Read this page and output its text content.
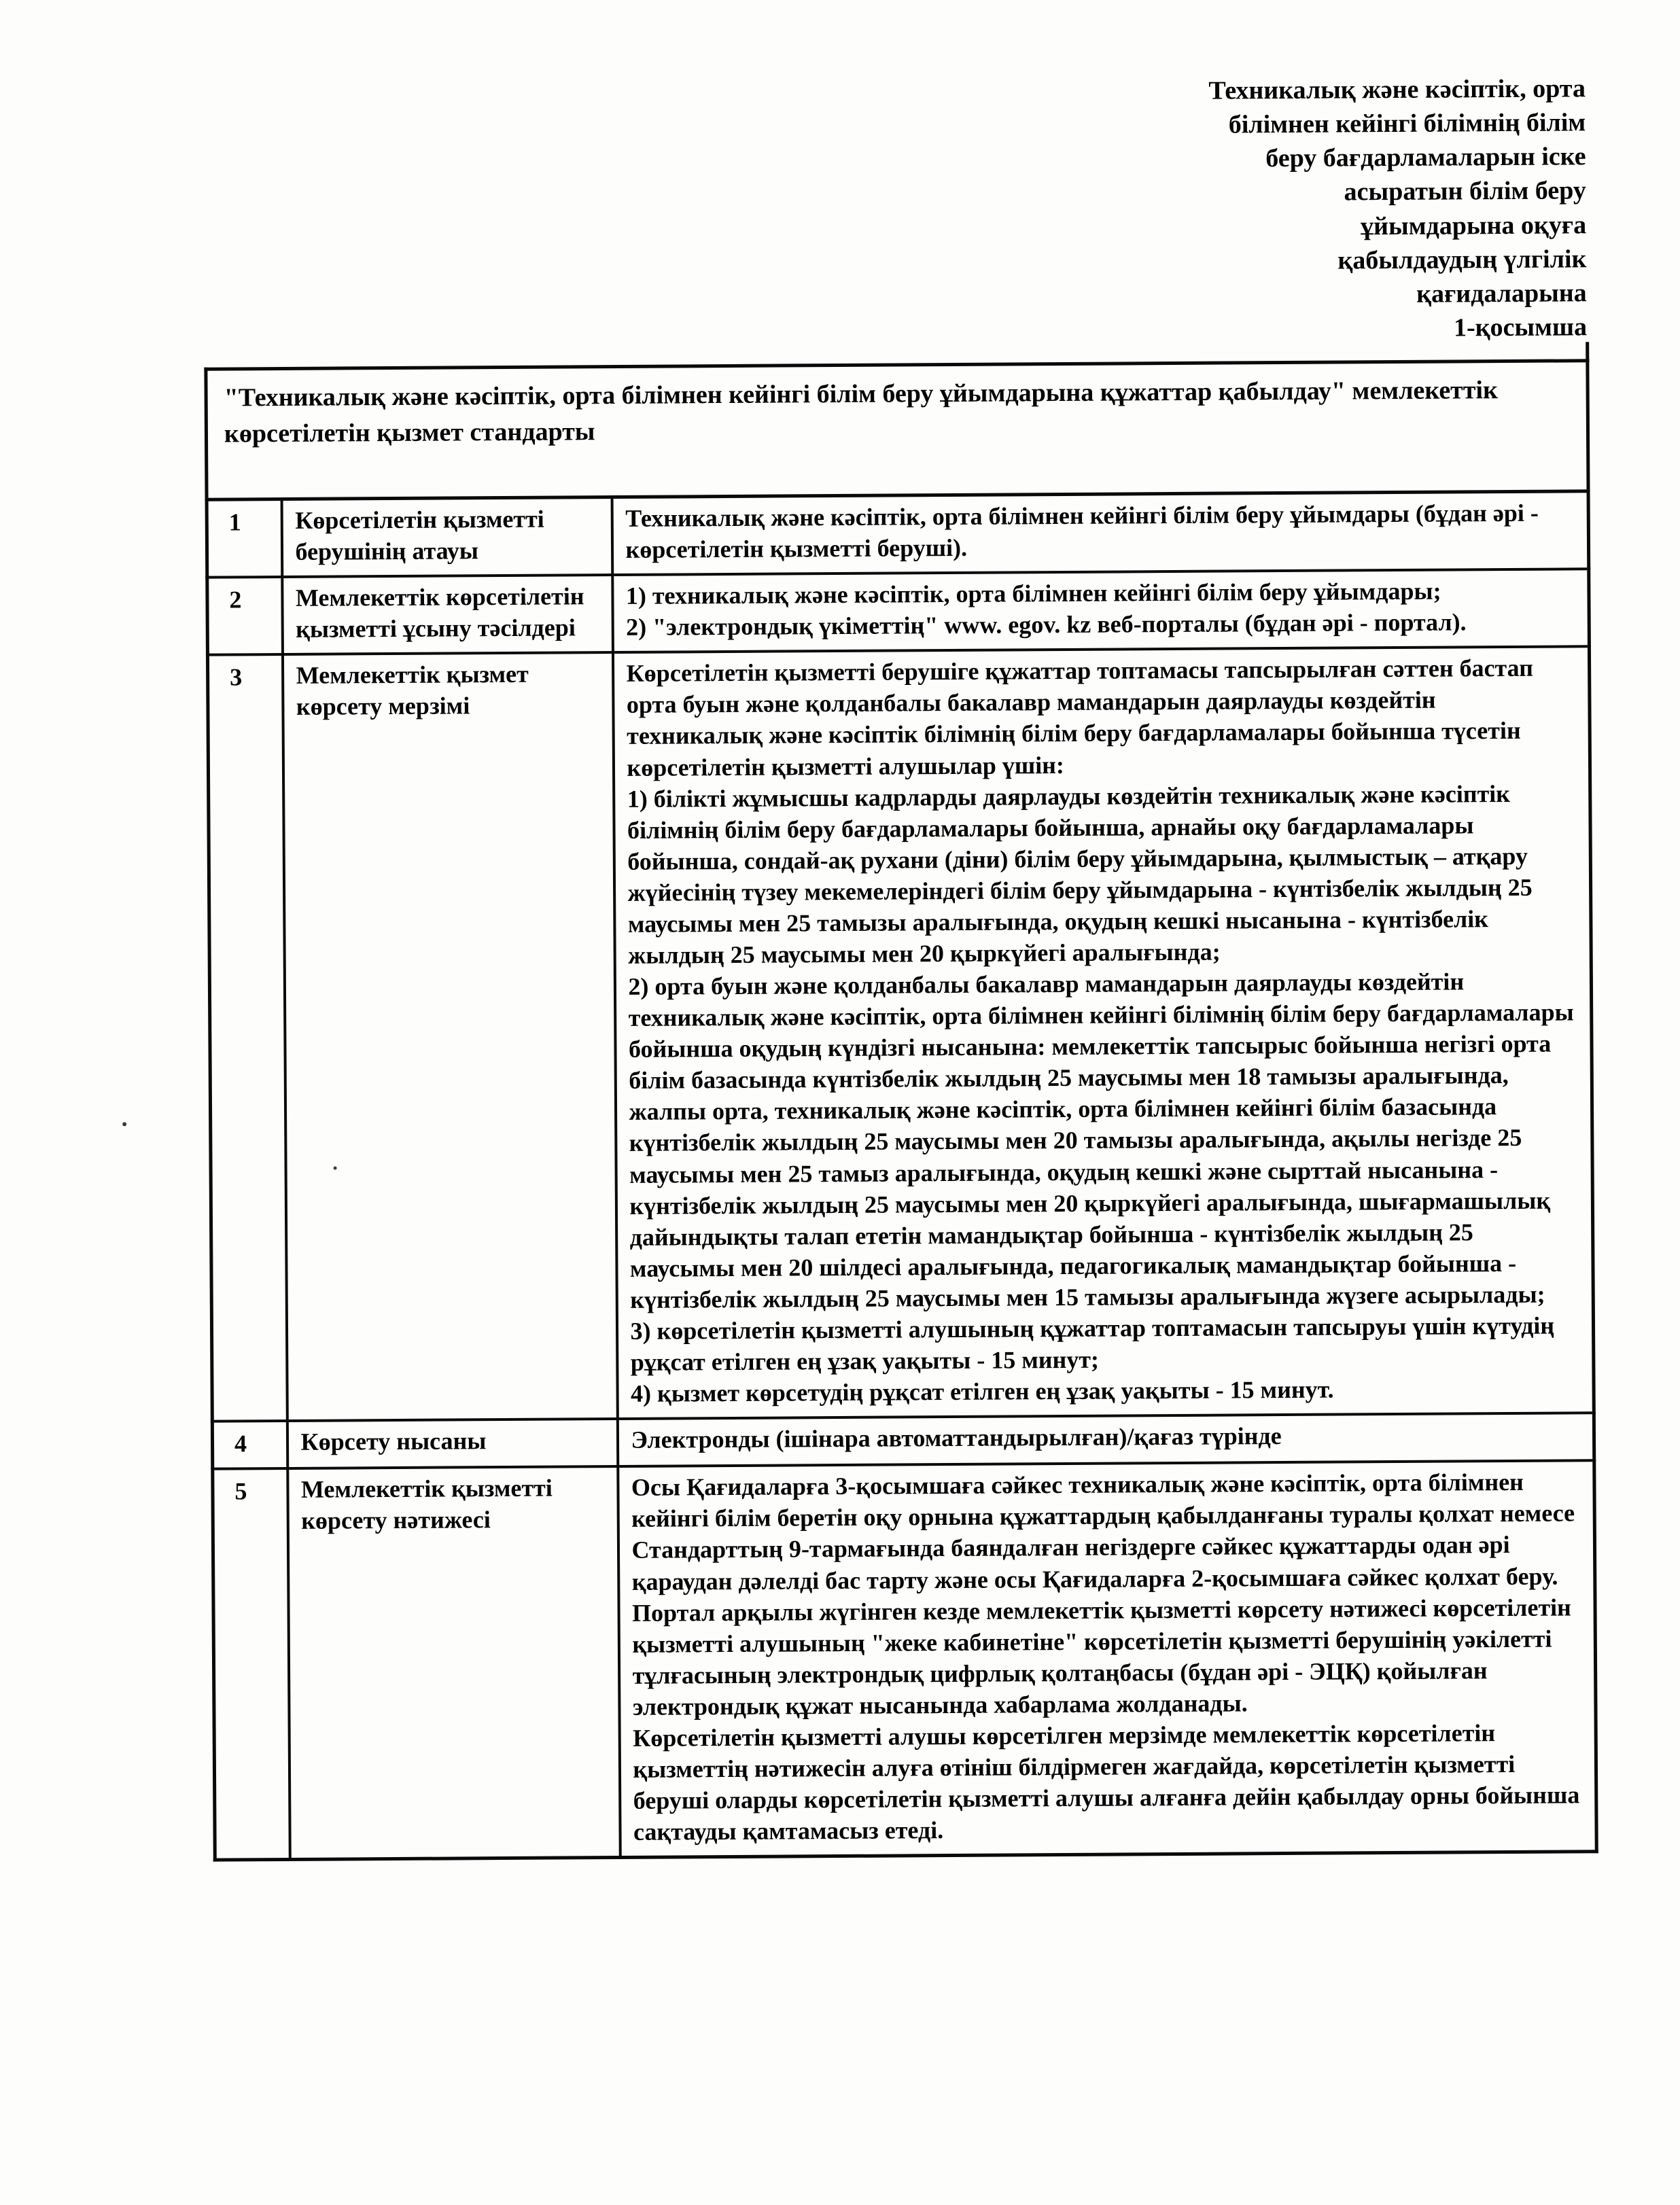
Техникалық және кәсіптік, орта
білімнен кейінгі білімнің білім
беру бағдарламаларын іске
асыратын білім беру
ұйымдарына оқуға
қабылдаудың үлгілік
қағидаларына
1-қосымша
"Техникалық және кәсіптік, орта білімнен кейінгі білім беру ұйымдарына құжаттар қабылдау" мемлекеттік көрсетілетін қызмет стандарты
1	Көрсетілетін қызметті берушінің атауы	Техникалық және кәсіптік, орта білімнен кейінгі білім беру ұйымдары (бұдан әрі - көрсетілетін қызметті беруші).
2	Мемлекеттік көрсетілетін қызметті ұсыну тәсілдері	1) техникалық және кәсіптік, орта білімнен кейінгі білім беру ұйымдары;
2) "электрондық үкіметтің" www. egov. kz веб-порталы (бұдан әрі - портал).
3	Мемлекеттік қызмет көрсету мерзімі	Көрсетілетін қызметті берушіге құжаттар топтамасы тапсырылған сәттен бастап орта буын және қолданбалы бакалавр мамандарын даярлауды көздейтін техникалық және кәсіптік білімнің білім беру бағдарламалары бойынша түсетін көрсетілетін қызметті алушылар үшін:
1) білікті жұмысшы кадрларды даярлауды көздейтін техникалық және кәсіптік білімнің білім беру бағдарламалары бойынша, арнайы оқу бағдарламалары бойынша, сондай-ақ рухани (діни) білім беру ұйымдарына, қылмыстық – атқару жүйесінің түзеу мекемелеріндегі білім беру ұйымдарына - күнтізбелік жылдың 25 маусымы мен 25 тамызы аралығында, оқудың кешкі нысанына - күнтізбелік жылдың 25 маусымы мен 20 қыркүйегі аралығында;
2) орта буын және қолданбалы бакалавр мамандарын даярлауды көздейтін техникалық және кәсіптік, орта білімнен кейінгі білімнің білім беру бағдарламалары бойынша оқудың күндізгі нысанына: мемлекеттік тапсырыс бойынша негізгі орта білім базасында күнтізбелік жылдың 25 маусымы мен 18 тамызы аралығында, жалпы орта, техникалық және кәсіптік, орта білімнен кейінгі білім базасында күнтізбелік жылдың 25 маусымы мен 20 тамызы аралығында, ақылы негізде 25 маусымы мен 25 тамыз аралығында, оқудың кешкі және сырттай нысанына - күнтізбелік жылдың 25 маусымы мен 20 қыркүйегі аралығында, шығармашылық дайындықты талап ететін мамандықтар бойынша - күнтізбелік жылдың 25 маусымы мен 20 шілдесі аралығында, педагогикалық мамандықтар бойынша - күнтізбелік жылдың 25 маусымы мен 15 тамызы аралығында жүзеге асырылады;
3) көрсетілетін қызметті алушының құжаттар топтамасын тапсыруы үшін күтудің рұқсат етілген ең ұзақ уақыты - 15 минут;
4) қызмет көрсетудің рұқсат етілген ең ұзақ уақыты - 15 минут.
4	Көрсету нысаны	Электронды (ішінара автоматтандырылған)/қағаз түрінде
5	Мемлекеттік қызметті көрсету нәтижесі	Осы Қағидаларға 3-қосымшаға сәйкес техникалық және кәсіптік, орта білімнен кейінгі білім беретін оқу орнына құжаттардың қабылданғаны туралы қолхат немесе Стандарттың 9-тармағында баяндалған негіздерге сәйкес құжаттарды одан әрі қараудан дәлелді бас тарту және осы Қағидаларға 2-қосымшаға сәйкес қолхат беру.
Портал арқылы жүгінген кезде мемлекеттік қызметті көрсету нәтижесі көрсетілетін қызметті алушының "жеке кабинетіне" көрсетілетін қызметті берушінің уәкілетті тұлғасының электрондық цифрлық қолтаңбасы (бұдан әрі - ЭЦҚ) қойылған электрондық құжат нысанында хабарлама жолданады.
Көрсетілетін қызметті алушы көрсетілген мерзімде мемлекеттік көрсетілетін қызметтің нәтижесін алуға өтініш білдірмеген жағдайда, көрсетілетін қызметті беруші оларды көрсетілетін қызметті алушы алғанға дейін қабылдау орны бойынша сақтауды қамтамасыз етеді.
